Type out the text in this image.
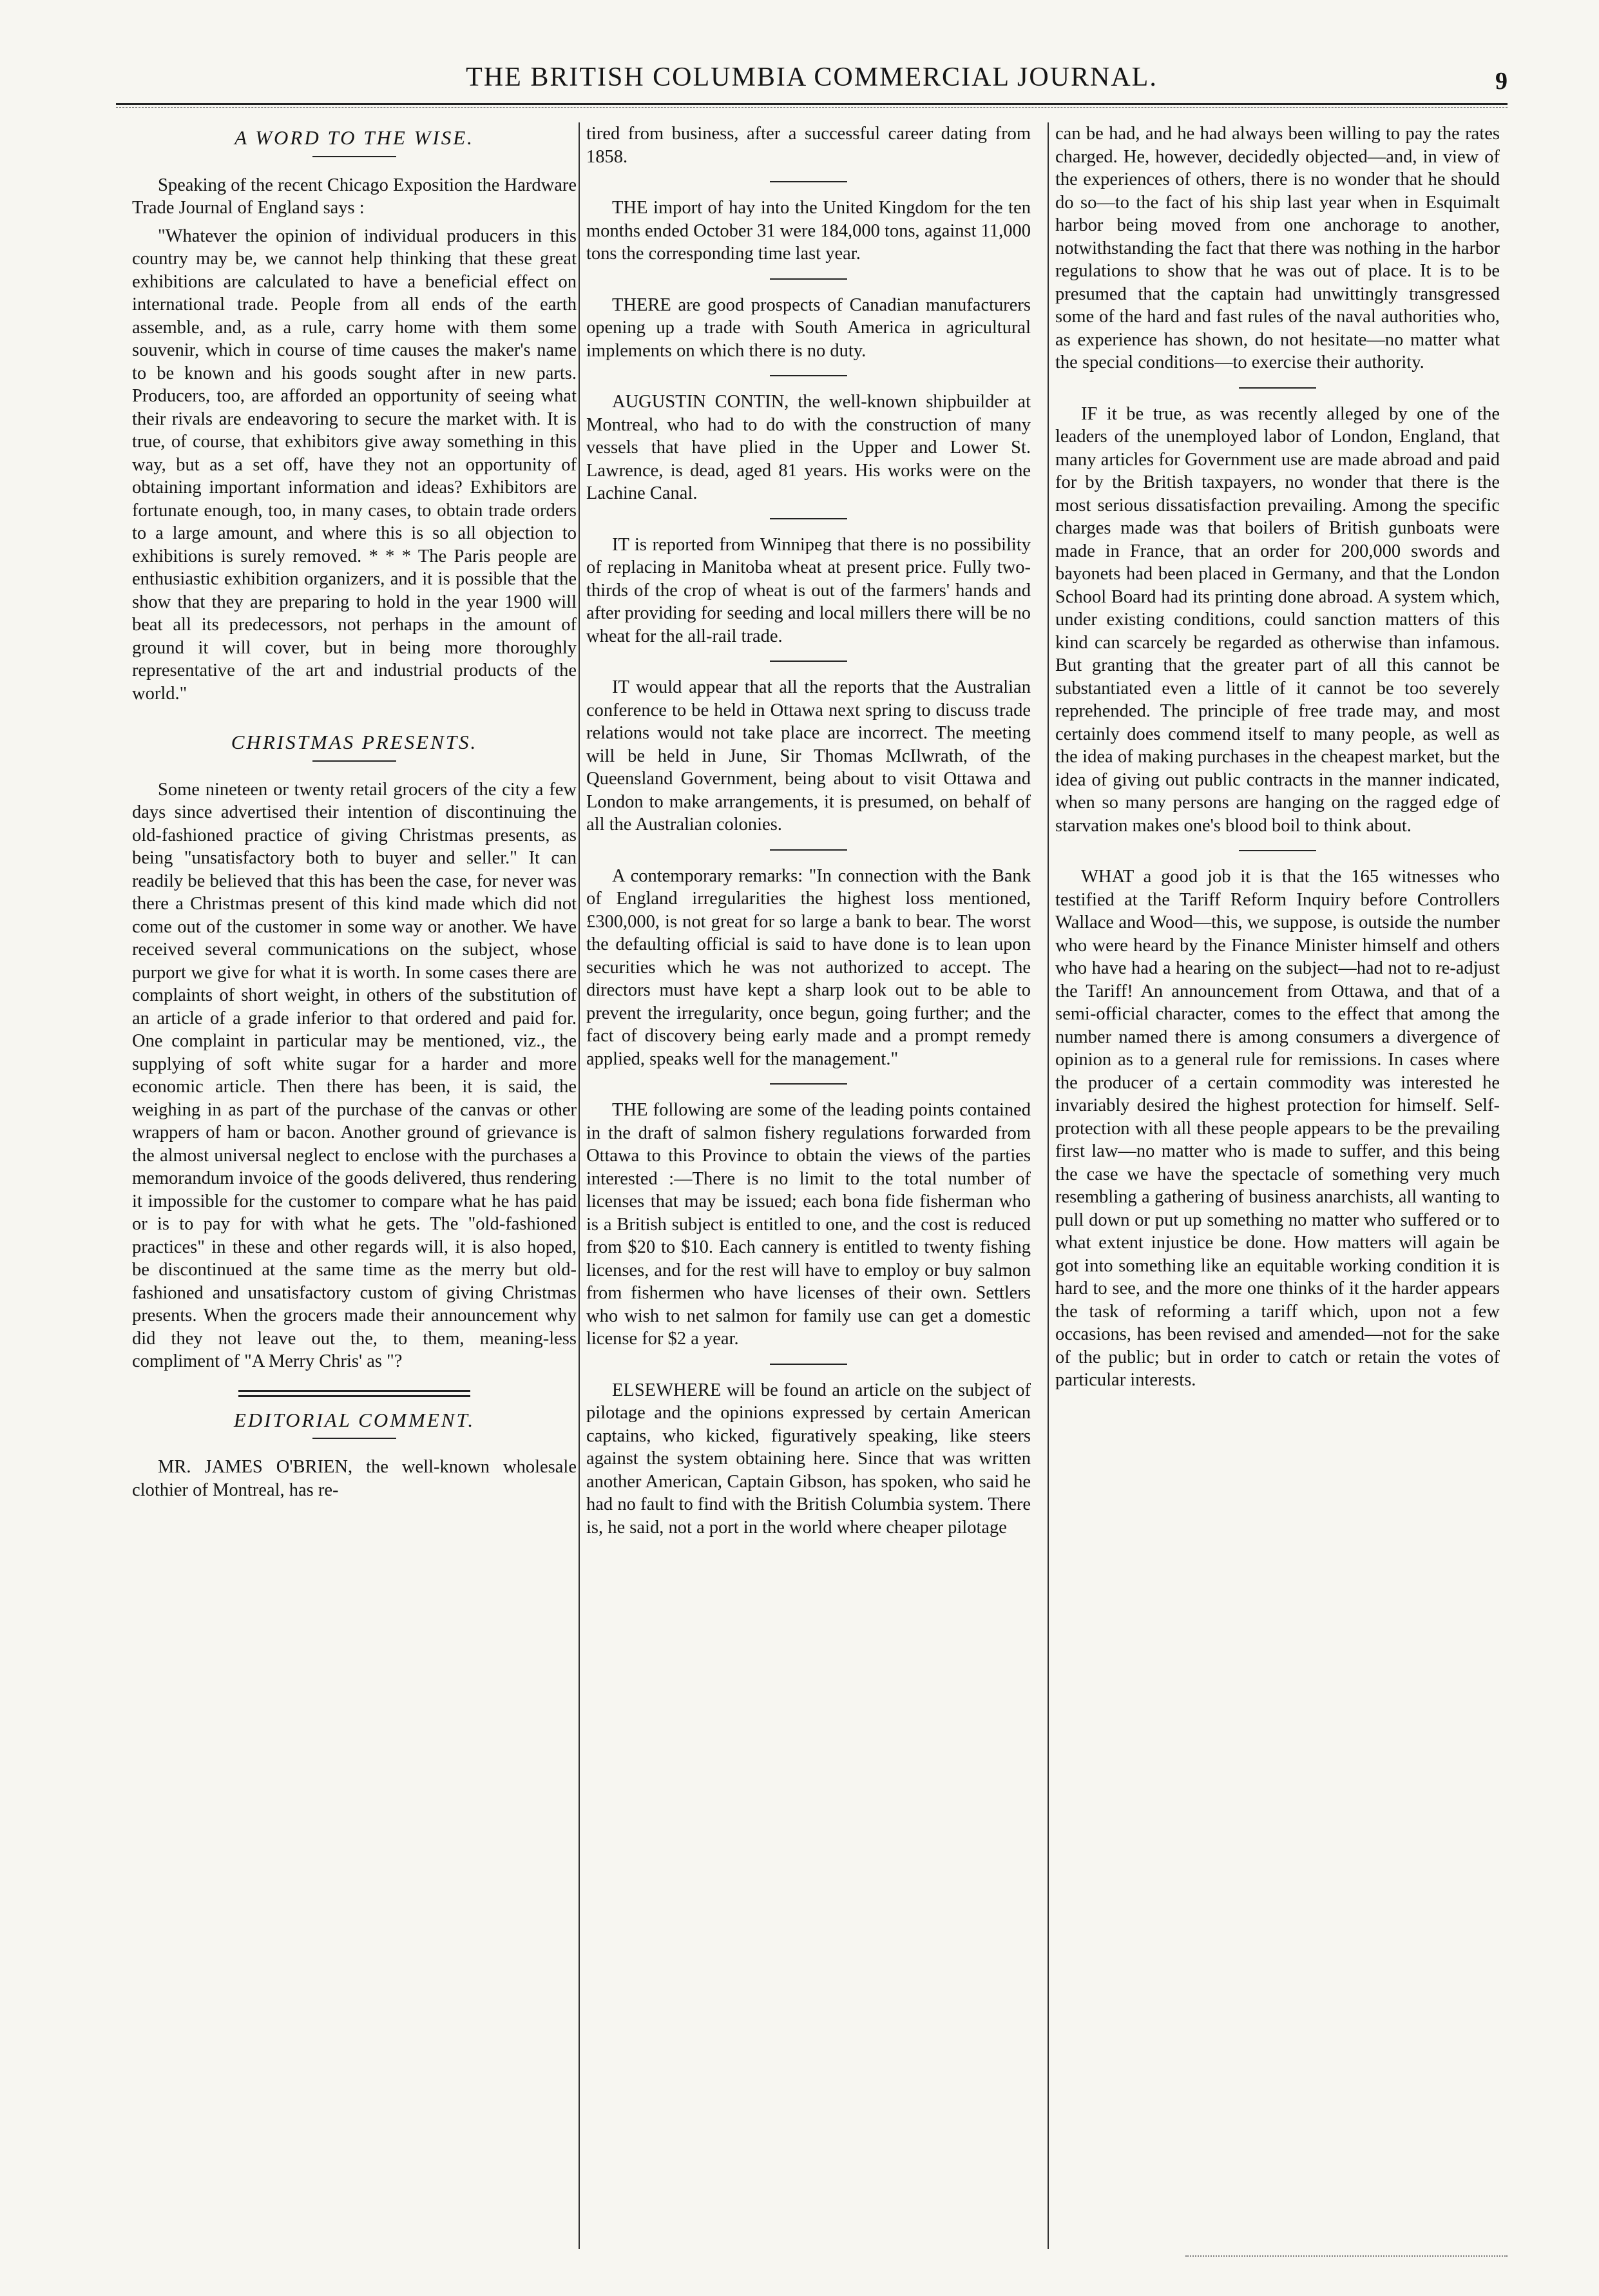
THE BRITISH COLUMBIA COMMERCIAL JOURNAL.	9
A WORD TO THE WISE.

Speaking of the recent Chicago Exposition the Hardware Trade Journal of England says :

"Whatever the opinion of individual producers in this country may be, we cannot help thinking that these great exhibitions are calculated to have a beneficial effect on international trade. People from all ends of the earth assemble, and, as a rule, carry home with them some souvenir, which in course of time causes the maker's name to be known and his goods sought after in new parts. Producers, too, are afforded an opportunity of seeing what their rivals are endeavoring to secure the market with. It is true, of course, that exhibitors give away something in this way, but as a set off, have they not an opportunity of obtaining important information and ideas? Exhibitors are fortunate enough, too, in many cases, to obtain trade orders to a large amount, and where this is so all objection to exhibitions is surely removed. * * * The Paris people are enthusiastic exhibition organizers, and it is possible that the show that they are preparing to hold in the year 1900 will beat all its predecessors, not perhaps in the amount of ground it will cover, but in being more thoroughly representative of the art and industrial products of the world."

CHRISTMAS PRESENTS.

Some nineteen or twenty retail grocers of the city a few days since advertised their intention of discontinuing the old-fashioned practice of giving Christmas presents, as being "unsatisfactory both to buyer and seller." It can readily be believed that this has been the case, for never was there a Christmas present of this kind made which did not come out of the customer in some way or another. We have received several communications on the subject, whose purport we give for what it is worth. In some cases there are complaints of short weight, in others of the substitution of an article of a grade inferior to that ordered and paid for. One complaint in particular may be mentioned, viz., the supplying of soft white sugar for a harder and more economic article. Then there has been, it is said, the weighing in as part of the purchase of the canvas or other wrappers of ham or bacon. Another ground of grievance is the almost universal neglect to enclose with the purchases a memorandum invoice of the goods delivered, thus rendering it impossible for the customer to compare what he has paid or is to pay for with what he gets. The "old-fashioned practices" in these and other regards will, it is also hoped, be discontinued at the same time as the merry but old-fashioned and unsatisfactory custom of giving Christmas presents. When the grocers made their announcement why did they not leave out the, to them, meaning-less compliment of "A Merry Chris' as "?

EDITORIAL COMMENT.

MR. JAMES O'BRIEN, the well-known wholesale clothier of Montreal, has re-

tired from business, after a successful career dating from 1858.

THE import of hay into the United Kingdom for the ten months ended October 31 were 184,000 tons, against 11,000 tons the corresponding time last year.

THERE are good prospects of Canadian manufacturers opening up a trade with South America in agricultural implements on which there is no duty.

AUGUSTIN CONTIN, the well-known shipbuilder at Montreal, who had to do with the construction of many vessels that have plied in the Upper and Lower St. Lawrence, is dead, aged 81 years. His works were on the Lachine Canal.

IT is reported from Winnipeg that there is no possibility of replacing in Manitoba wheat at present price. Fully two-thirds of the crop of wheat is out of the farmers' hands and after providing for seeding and local millers there will be no wheat for the all-rail trade.

IT would appear that all the reports that the Australian conference to be held in Ottawa next spring to discuss trade relations would not take place are incorrect. The meeting will be held in June, Sir Thomas McIlwrath, of the Queensland Government, being about to visit Ottawa and London to make arrangements, it is presumed, on behalf of all the Australian colonies.

A contemporary remarks: "In connection with the Bank of England irregularities the highest loss mentioned, £300,000, is not great for so large a bank to bear. The worst the defaulting official is said to have done is to lean upon securities which he was not authorized to accept. The directors must have kept a sharp look out to be able to prevent the irregularity, once begun, going further; and the fact of discovery being early made and a prompt remedy applied, speaks well for the management."

THE following are some of the leading points contained in the draft of salmon fishery regulations forwarded from Ottawa to this Province to obtain the views of the parties interested :—There is no limit to the total number of licenses that may be issued; each bona fide fisherman who is a British subject is entitled to one, and the cost is reduced from $20 to $10. Each cannery is entitled to twenty fishing licenses, and for the rest will have to employ or buy salmon from fishermen who have licenses of their own. Settlers who wish to net salmon for family use can get a domestic license for $2 a year.

ELSEWHERE will be found an article on the subject of pilotage and the opinions expressed by certain American captains, who kicked, figuratively speaking, like steers against the system obtaining here. Since that was written another American, Captain Gibson, has spoken, who said he had no fault to find with the British Columbia system. There is, he said, not a port in the world where cheaper pilotage

can be had, and he had always been willing to pay the rates charged. He, however, decidedly objected—and, in view of the experiences of others, there is no wonder that he should do so—to the fact of his ship last year when in Esquimalt harbor being moved from one anchorage to another, notwithstanding the fact that there was nothing in the harbor regulations to show that he was out of place. It is to be presumed that the captain had unwittingly transgressed some of the hard and fast rules of the naval authorities who, as experience has shown, do not hesitate—no matter what the special conditions—to exercise their authority.

IF it be true, as was recently alleged by one of the leaders of the unemployed labor of London, England, that many articles for Government use are made abroad and paid for by the British taxpayers, no wonder that there is the most serious dissatisfaction prevailing. Among the specific charges made was that boilers of British gunboats were made in France, that an order for 200,000 swords and bayonets had been placed in Germany, and that the London School Board had its printing done abroad. A system which, under existing conditions, could sanction matters of this kind can scarcely be regarded as otherwise than infamous. But granting that the greater part of all this cannot be substantiated even a little of it cannot be too severely reprehended. The principle of free trade may, and most certainly does commend itself to many people, as well as the idea of making purchases in the cheapest market, but the idea of giving out public contracts in the manner indicated, when so many persons are hanging on the ragged edge of starvation makes one's blood boil to think about.

WHAT a good job it is that the 165 witnesses who testified at the Tariff Reform Inquiry before Controllers Wallace and Wood—this, we suppose, is outside the number who were heard by the Finance Minister himself and others who have had a hearing on the subject—had not to re-adjust the Tariff! An announcement from Ottawa, and that of a semi-official character, comes to the effect that among the number named there is among consumers a divergence of opinion as to a general rule for remissions. In cases where the producer of a certain commodity was interested he invariably desired the highest protection for himself. Self-protection with all these people appears to be the prevailing first law—no matter who is made to suffer, and this being the case we have the spectacle of something very much resembling a gathering of business anarchists, all wanting to pull down or put up something no matter who suffered or to what extent injustice be done. How matters will again be got into something like an equitable working condition it is hard to see, and the more one thinks of it the harder appears the task of reforming a tariff which, upon not a few occasions, has been revised and amended—not for the sake of the public; but in order to catch or retain the votes of particular interests.
